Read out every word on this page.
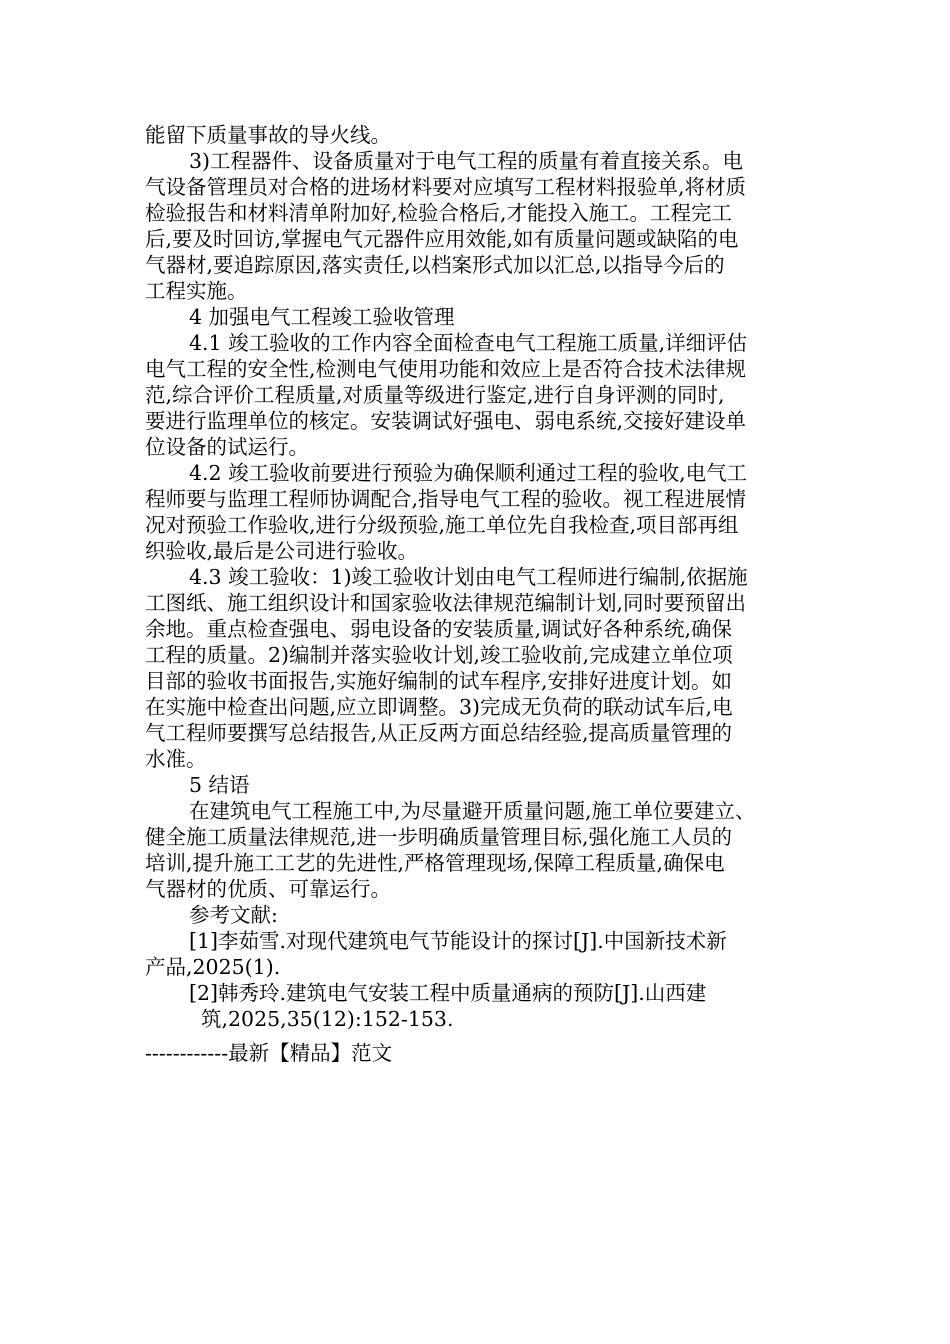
能留下质量事故的导火线。
3)工程器件、设备质量对于电气工程的质量有着直接关系。电
气设备管理员对合格的进场材料要对应填写工程材料报验单,将材质
检验报告和材料清单附加好,检验合格后,才能投入施工。工程完工
后,要及时回访,掌握电气元器件应用效能,如有质量问题或缺陷的电
气器材,要追踪原因,落实责任,以档案形式加以汇总,以指导今后的
工程实施。
4 加强电气工程竣工验收管理
4.1 竣工验收的工作内容全面检查电气工程施工质量,详细评估
电气工程的安全性,检测电气使用功能和效应上是否符合技术法律规
范,综合评价工程质量,对质量等级进行鉴定,进行自身评测的同时,
要进行监理单位的核定。安装调试好强电、弱电系统,交接好建设单
位设备的试运行。
4.2 竣工验收前要进行预验为确保顺利通过工程的验收,电气工
程师要与监理工程师协调配合,指导电气工程的验收。视工程进展情
况对预验工作验收,进行分级预验,施工单位先自我检查,项目部再组
织验收,最后是公司进行验收。
4.3 竣工验收：1)竣工验收计划由电气工程师进行编制,依据施
工图纸、施工组织设计和国家验收法律规范编制计划,同时要预留出
余地。重点检查强电、弱电设备的安装质量,调试好各种系统,确保
工程的质量。2)编制并落实验收计划,竣工验收前,完成建立单位项
目部的验收书面报告,实施好编制的试车程序,安排好进度计划。如
在实施中检查出问题,应立即调整。3)完成无负荷的联动试车后,电
气工程师要撰写总结报告,从正反两方面总结经验,提高质量管理的
水准。
5 结语
在建筑电气工程施工中,为尽量避开质量问题,施工单位要建立、
健全施工质量法律规范,进一步明确质量管理目标,强化施工人员的
培训,提升施工工艺的先进性,严格管理现场,保障工程质量,确保电
气器材的优质、可靠运行。
参考文献:
[1]李茹雪.对现代建筑电气节能设计的探讨[J].中国新技术新
产品,2025(1).
[2]韩秀玲.建筑电气安装工程中质量通病的预防[J].山西建
筑,2025,35(12):152-153.
------------最新【精品】范文
